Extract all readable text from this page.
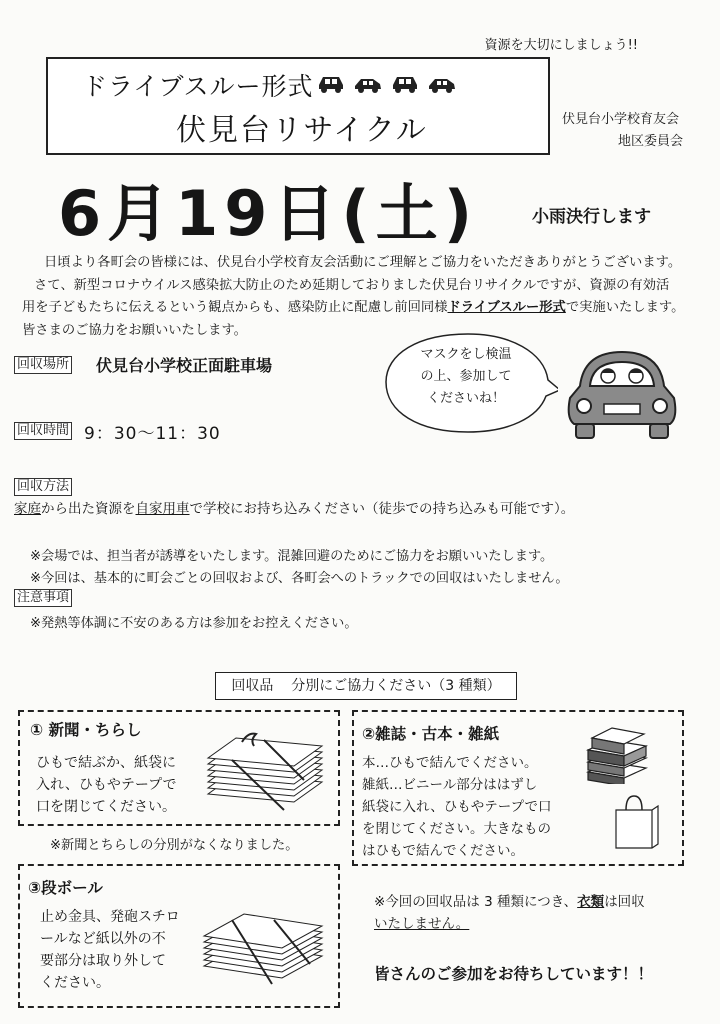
資源を大切にしましょう!!
ドライブスルー形式
伏見台リサイクル	伏見台小学校育友会
地区委員会
6月19日(土)	小雨決行します

日頃より各町会の皆様には、伏見台小学校育友会活動にご理解とご協力をいただきありがとうございます。

さて、新型コロナウイルス感染拡大防止のため延期しておりました伏見台リサイクルですが、資源の有効活

用を子どもたちに伝えるという観点からも、感染防止に配慮し前回同様ドライブスルー形式で実施いたします。

皆さまのご協力をお願いいたします。

回収場所 伏見台小学校正面駐車場
マスクをし検温
の上、参加して
くださいね！
回収時間 9：30～11：30
回収方法
家庭から出た資源を自家用車で学校にお持ち込みください（徒歩での持ち込みも可能です）。
※会場では、担当者が誘導をいたします。混雑回避のためにご協力をお願いいたします。
※今回は、基本的に町会ごとの回収および、各町会へのトラックでの回収はいたしません。
注意事項
※発熱等体調に不安のある方は参加をお控えください。
回収品 分別にご協力ください（3 種類）
① 新聞・ちらし

ひもで結ぶか、紙袋に

入れ、ひもやテープで

口を閉じてください。

※新聞とちらしの分別がなくなりました。
②雑誌・古本・雑紙

本…ひもで結んでください。

雑紙…ビニール部分ははずし

紙袋に入れ、ひもやテープで口

を閉じてください。大きなもの

はひもで結んでください。

③段ボール

止め金具、発砲スチロ

ールなど紙以外の不

要部分は取り外して

ください。

※今回の回収品は 3 種類につき、衣類は回収
いたしません。
皆さんのご参加をお待ちしています！！
